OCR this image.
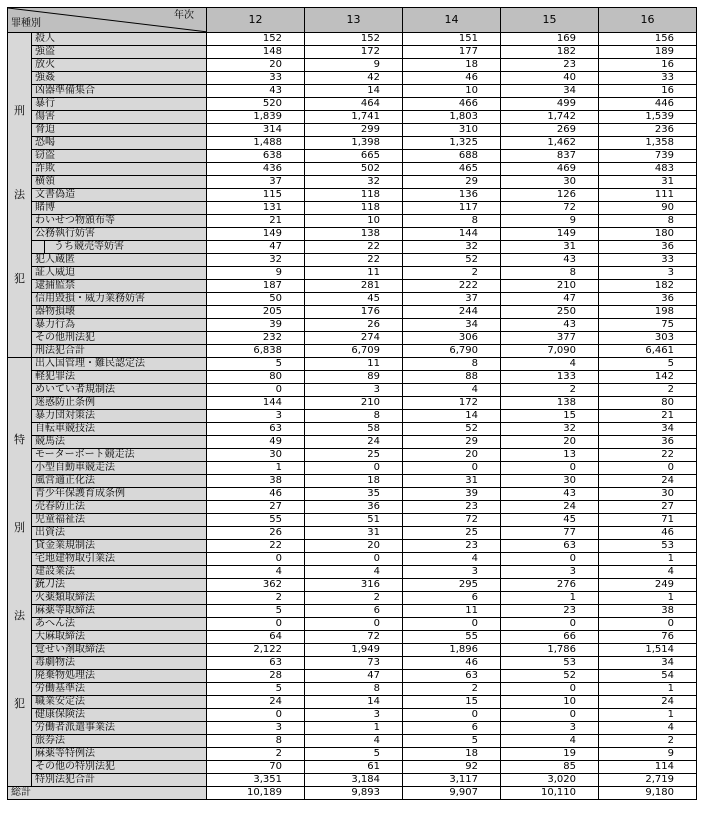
年次
罪種別		12	13	14	15	16

刑
法
犯	殺人	152	152	151	169	156
	強盗	148	172	177	182	189
	放火	20	9	18	23	16
	強姦	33	42	46	40	33
	凶器準備集合	43	14	10	34	16
	暴行	520	464	466	499	446
	傷害	1,839	1,741	1,803	1,742	1,539
	脅迫	314	299	310	269	236
	恐喝	1,488	1,398	1,325	1,462	1,358
	窃盗	638	665	688	837	739
	詐欺	436	502	465	469	483
	横領	37	32	29	30	31
	文書偽造	115	118	136	126	111
	賭博	131	118	117	72	90
	わいせつ物頒布等	21	10	8	9	8
	公務執行妨害	149	138	144	149	180
	うち競売等妨害	47	22	32	31	36
	犯人蔵匿	32	22	52	43	33
	証人威迫	9	11	2	8	3
	逮捕監禁	187	281	222	210	182
	信用毀損・威力業務妨害	50	45	37	47	36
	器物損壊	205	176	244	250	198
	暴力行為	39	26	34	43	75
	その他刑法犯	232	274	306	377	303
	刑法犯合計	6,838	6,709	6,790	7,090	6,461

特
別
法
犯	出入国管理・難民認定法	5	11	8	4	5
	軽犯罪法	80	89	88	133	142
	めいてい者規制法	0	3	4	2	2
	迷惑防止条例	144	210	172	138	80
	暴力団対策法	3	8	14	15	21
	自転車競技法	63	58	52	32	34
	競馬法	49	24	29	20	36
	モーターボート競走法	30	25	20	13	22
	小型自動車競走法	1	0	0	0	0
	風営適正化法	38	18	31	30	24
	青少年保護育成条例	46	35	39	43	30
	売春防止法	27	36	23	24	27
	児童福祉法	55	51	72	45	71
	出資法	26	31	25	77	46
	貸金業規制法	22	20	23	63	53
	宅地建物取引業法	0	0	4	0	1
	建設業法	4	4	3	3	4
	銃刀法	362	316	295	276	249
	火薬類取締法	2	2	6	1	1
	麻薬等取締法	5	6	11	23	38
	あへん法	0	0	0	0	0
	大麻取締法	64	72	55	66	76
	覚せい剤取締法	2,122	1,949	1,896	1,786	1,514
	毒劇物法	63	73	46	53	34
	廃棄物処理法	28	47	63	52	54
	労働基準法	5	8	2	0	1
	職業安定法	24	14	15	10	24
	健康保険法	0	3	0	0	1
	労働者派遣事業法	3	1	6	3	4
	旅券法	8	4	5	4	2
	麻薬等特例法	2	5	18	19	9
	その他の特別法犯	70	61	92	85	114
	特別法犯合計	3,351	3,184	3,117	3,020	2,719
総計		10,189	9,893	9,907	10,110	9,180
